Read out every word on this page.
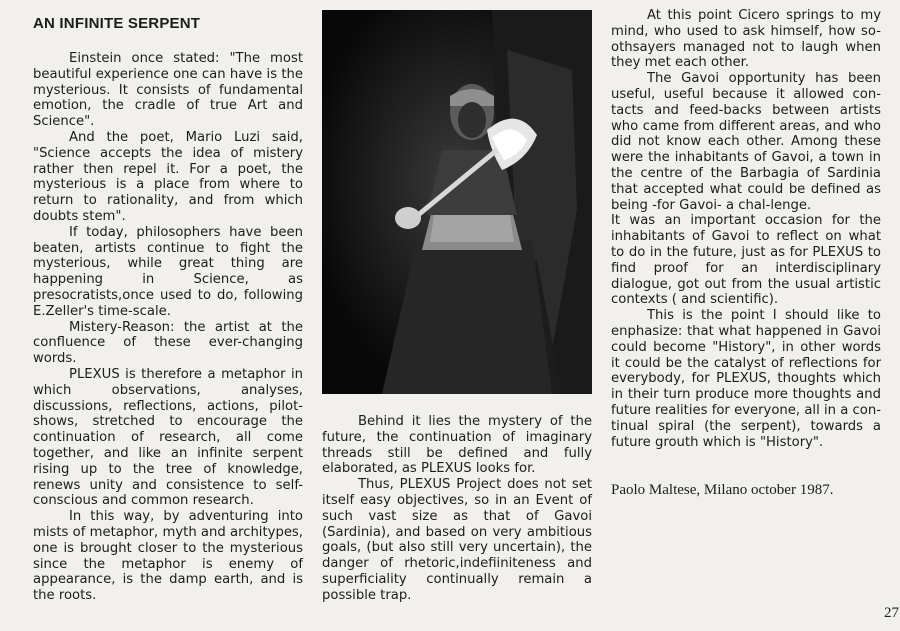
AN INFINITE SERPENT

Einstein once stated: "The most beautiful experience one can have is the mysterious. It consists of fundamental emotion, the cradle of true Art and Science".

And the poet, Mario Luzi said, "Science accepts the idea of mistery rather then repel it. For a poet, the mysterious is a place from where to return to rationality, and from which doubts stem".

If today, philosophers have been beaten, artists continue to fight the mysterious, while great thing are happening in Science, as presocratists,once used to do, following E.Zeller's time-scale.

Mistery-Reason: the artist at the confluence of these ever-changing words.

PLEXUS is therefore a metaphor in which observations, analyses, discussions, reflections, actions, pilot-shows, stretched to encourage the continuation of research, all come together, and like an infinite serpent rising up to the tree of knowledge, renews unity and consistence to self-conscious and common research.

In this way, by adventuring into mists of metaphor, myth and architypes, one is brought closer to the mysterious since the metaphor is enemy of appearance, is the damp earth, and is the roots.

Behind it lies the mystery of the future, the continuation of imaginary threads still be defined and fully elaborated, as PLEXUS looks for.

Thus, PLEXUS Project does not set itself easy objectives, so in an Event of such vast size as that of Gavoi (Sardinia), and based on very ambitious goals, (but also still very uncertain), the danger of rhetoric,indefiiniteness and superficiality continually remain a possible trap.

At this point Cicero springs to my mind, who used to ask himself, how so-othsayers managed not to laugh when they met each other.

The Gavoi opportunity has been useful, useful because it allowed con-tacts and feed-backs between artists who came from different areas, and who did not know each other. Among these were the inhabitants of Gavoi, a town in the centre of the Barbagia of Sardinia that accepted what could be defined as being -for Gavoi- a chal-lenge.

It was an important occasion for the inhabitants of Gavoi to reflect on what to do in the future, just as for PLEXUS to find proof for an interdisciplinary dialogue, got out from the usual artistic contexts ( and scientific).

This is the point I should like to enphasize: that what happened in Gavoi could become "History", in other words it could be the catalyst of reflections for everybody, for PLEXUS, thoughts which in their turn produce more thoughts and future realities for everyone, all in a con-tinual spiral (the serpent), towards a future grouth which is "History".

Paolo Maltese, Milano october 1987.

27
